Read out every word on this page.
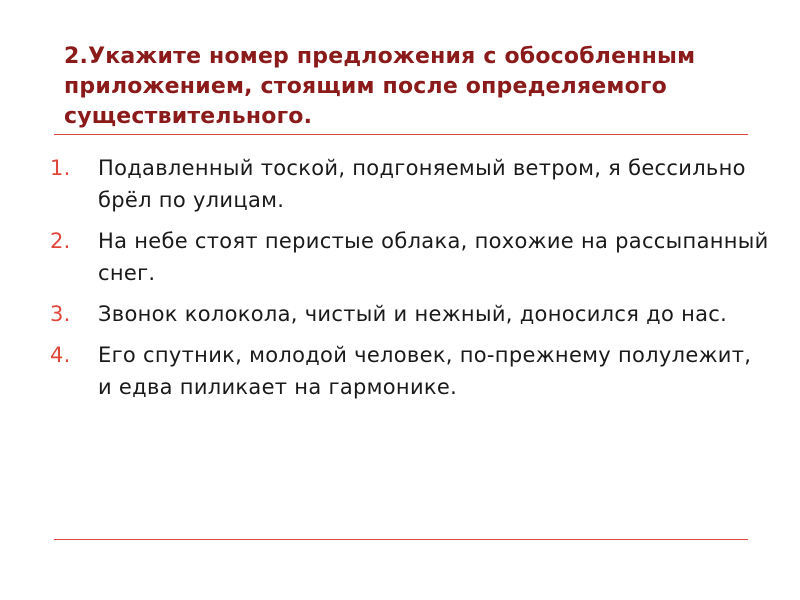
2.Укажите номер предложения с обособленным приложением, стоящим после определяемого существительного.
1.	Подавленный тоской, подгоняемый ветром, я бессильно брёл по улицам.
2.	На небе стоят перистые облака, похожие на рассыпанный снег.
3.	Звонок колокола, чистый и нежный, доносился до нас.
4.	Его спутник, молодой человек, по-прежнему полулежит, и едва пиликает на гармонике.
